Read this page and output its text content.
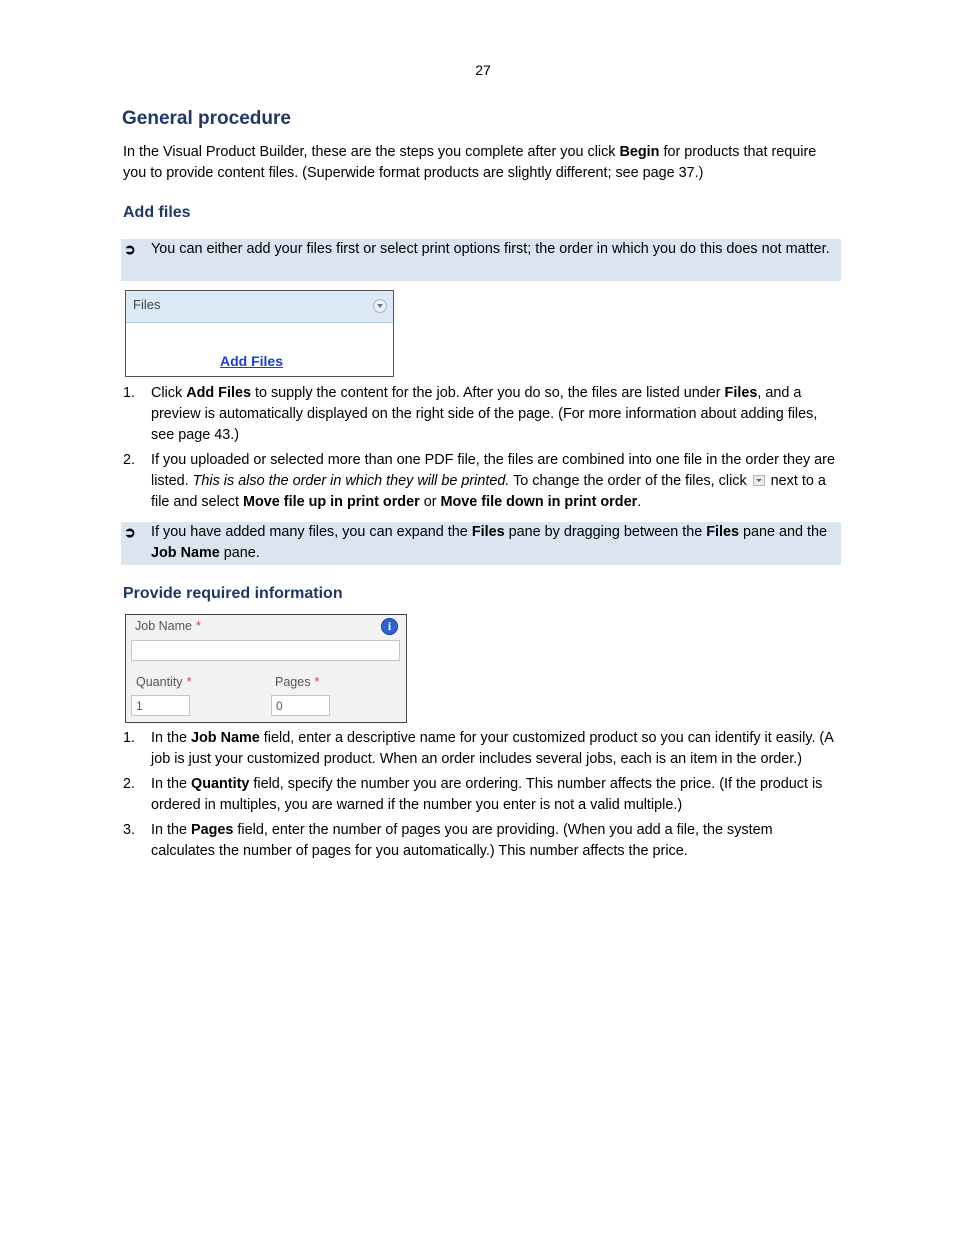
27
General procedure
In the Visual Product Builder, these are the steps you complete after you click Begin for products that require you to provide content files. (Superwide format products are slightly different; see page 37.)
Add files
➲ You can either add your files first or select print options first; the order in which you do this does not matter.
Files
Add Files
1. Click Add Files to supply the content for the job. After you do so, the files are listed under Files, and a preview is automatically displayed on the right side of the page. (For more information about adding files, see page 43.)
2. If you uploaded or selected more than one PDF file, the files are combined into one file in the order they are listed. This is also the order in which they will be printed. To change the order of the files, click  next to a file and select Move file up in print order or Move file down in print order.
➲ If you have added many files, you can expand the Files pane by dragging between the Files pane and the Job Name pane.
Provide required information
Job Name *	i
Quantity *
1
Pages *
0
1. In the Job Name field, enter a descriptive name for your customized product so you can identify it easily. (A job is just your customized product. When an order includes several jobs, each is an item in the order.)
2. In the Quantity field, specify the number you are ordering. This number affects the price. (If the product is ordered in multiples, you are warned if the number you enter is not a valid multiple.)
3. In the Pages field, enter the number of pages you are providing. (When you add a file, the system calculates the number of pages for you automatically.) This number affects the price.
